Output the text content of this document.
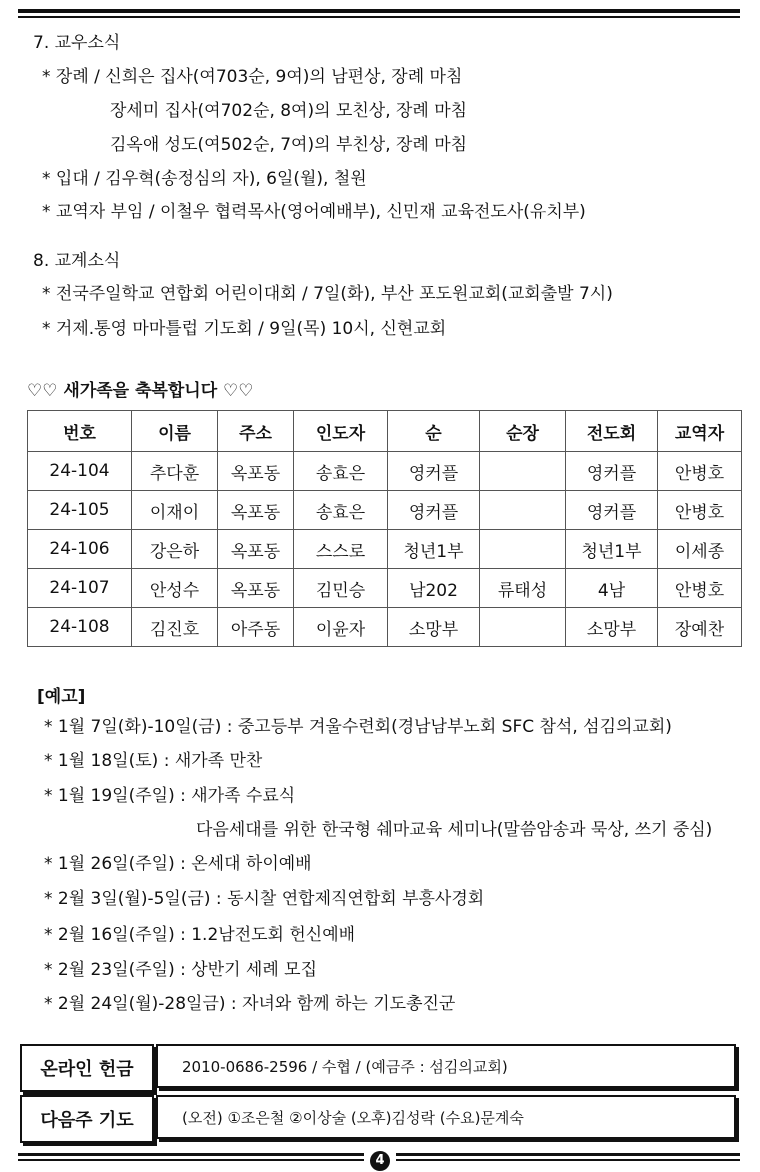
7. 교우소식
* 장례 / 신희은 집사(여703순, 9여)의 남편상, 장례 마침
장세미 집사(여702순, 8여)의 모친상, 장례 마침
김옥애 성도(여502순, 7여)의 부친상, 장례 마침
* 입대 / 김우혁(송정심의 자), 6일(월), 철원
* 교역자 부임 / 이철우 협력목사(영어예배부), 신민재 교육전도사(유치부)
8. 교계소식
* 전국주일학교 연합회 어린이대회 / 7일(화), 부산 포도원교회(교회출발 7시)
* 거제.통영 마마틀럽 기도회 / 9일(목) 10시, 신현교회
♡♡ 새가족을 축복합니다 ♡♡
번호	이름	주소	인도자	순	순장	전도회	교역자
24-104	추다훈	옥포동	송효은	영커플		영커플	안병호
24-105	이재이	옥포동	송효은	영커플		영커플	안병호
24-106	강은하	옥포동	스스로	청년1부		청년1부	이세종
24-107	안성수	옥포동	김민승	남202	류태성	4남	안병호
24-108	김진호	아주동	이윤자	소망부		소망부	장예찬
[예고]
* 1월 7일(화)-10일(금) : 중고등부 겨울수련회(경남남부노회 SFC 참석, 섬김의교회)
* 1월 18일(토) : 새가족 만찬
* 1월 19일(주일) : 새가족 수료식
다음세대를 위한 한국형 쉐마교육 세미나(말씀암송과 묵상, 쓰기 중심)
* 1월 26일(주일) : 온세대 하이예배
* 2월 3일(월)-5일(금) : 동시찰 연합제직연합회 부흥사경회
* 2월 16일(주일) : 1.2남전도회 헌신예배
* 2월 23일(주일) : 상반기 세례 모집
* 2월 24일(월)-28일금) : 자녀와 함께 하는 기도총진군
온라인 헌금	2010-0686-2596 / 수협 / (예금주 : 섬김의교회)
다음주 기도	(오전) ①조은철 ②이상술 (오후)김성락 (수요)문계숙
4
